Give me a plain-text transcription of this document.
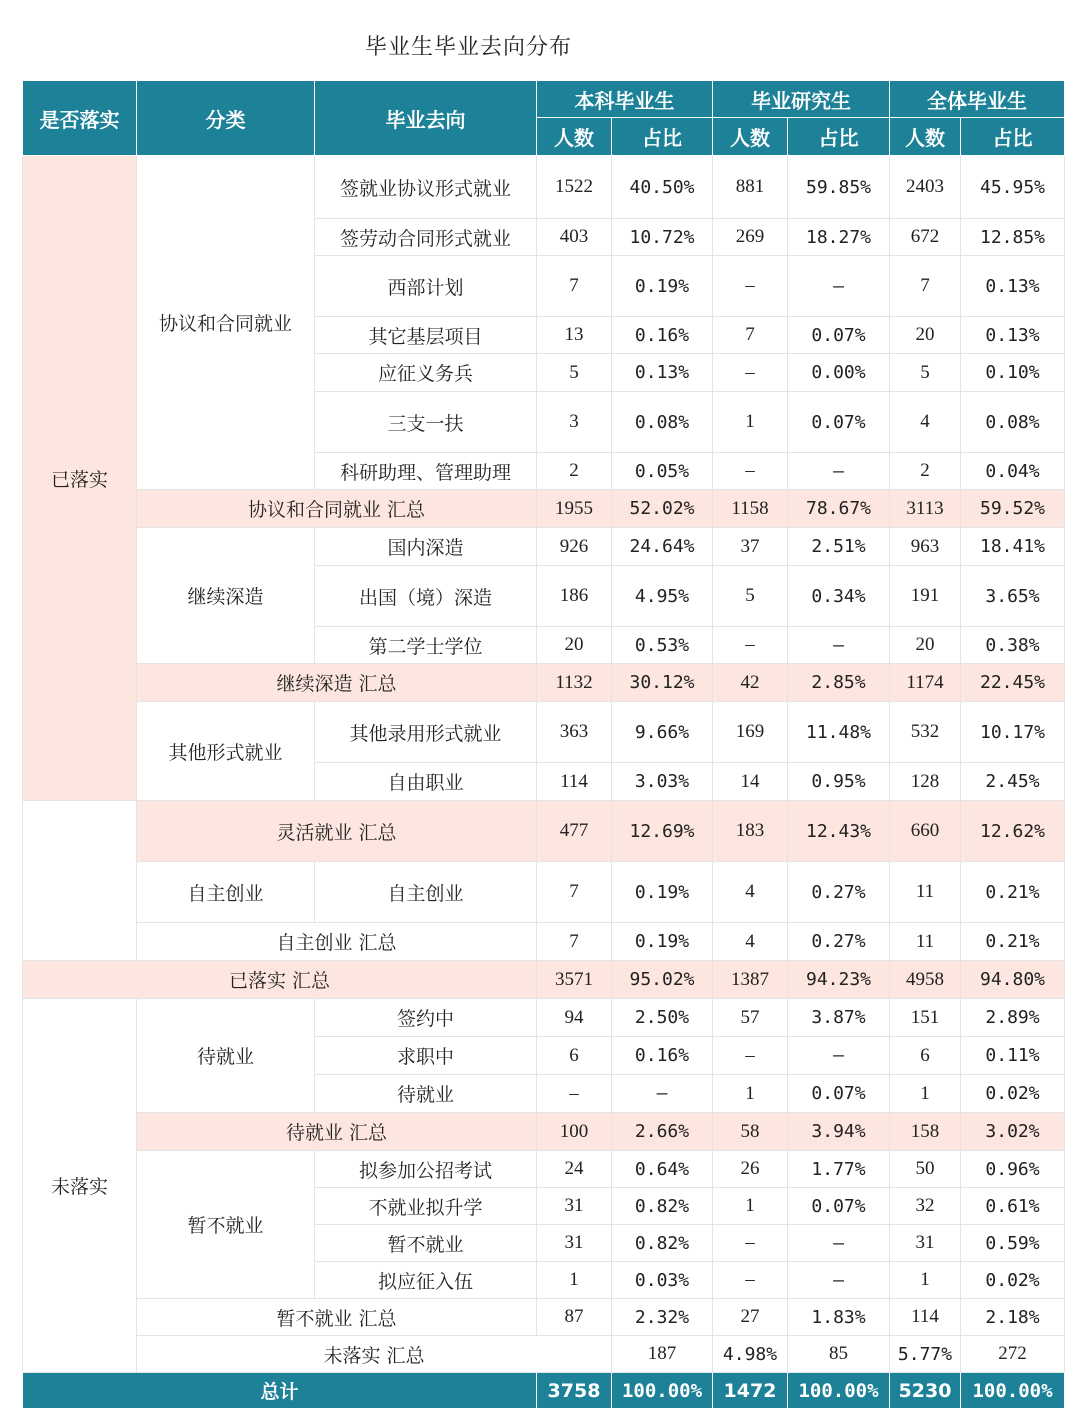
毕业生毕业去向分布
是否落实	分类	毕业去向	本科毕业生		毕业研究生		全体毕业生		
			人数	占比	人数	占比	人数	占比	
已落实	协议和合同就业	签就业协议形式就业	1522	40.50%	881	59.85%	2403	45.95%	
		签劳动合同形式就业	403	10.72%	269	18.27%	672	12.85%	
		西部计划	7	0.19%	–	–	7	0.13%	
		其它基层项目	13	0.16%	7	0.07%	20	0.13%	
		应征义务兵	5	0.13%	–	0.00%	5	0.10%	
		三支一扶	3	0.08%	1	0.07%	4	0.08%	
		科研助理、管理助理	2	0.05%	–	–	2	0.04%	
	协议和合同就业 汇总		1955	52.02%	1158	78.67%	3113	59.52%	
	继续深造	国内深造	926	24.64%	37	2.51%	963	18.41%	
		出国（境）深造	186	4.95%	5	0.34%	191	3.65%	
		第二学士学位	20	0.53%	–	–	20	0.38%	
	继续深造 汇总		1132	30.12%	42	2.85%	1174	22.45%	
	其他形式就业	其他录用形式就业	363	9.66%	169	11.48%	532	10.17%	
		自由职业	114	3.03%	14	0.95%	128	2.45%	
	灵活就业 汇总		477	12.69%	183	12.43%	660	12.62%	
	自主创业	自主创业	7	0.19%	4	0.27%	11	0.21%	
	自主创业 汇总		7	0.19%	4	0.27%	11	0.21%	
已落实 汇总			3571	95.02%	1387	94.23%	4958	94.80%	
未落实	待就业	签约中	94	2.50%	57	3.87%	151	2.89%	
		求职中	6	0.16%	–	–	6	0.11%	
		待就业	–	–	1	0.07%	1	0.02%	
	待就业 汇总		100	2.66%	58	3.94%	158	3.02%	
	暂不就业	拟参加公招考试	24	0.64%	26	1.77%	50	0.96%	
		不就业拟升学	31	0.82%	1	0.07%	32	0.61%	
		暂不就业	31	0.82%	–	–	31	0.59%	
		拟应征入伍	1	0.03%	–	–	1	0.02%	
	暂不就业 汇总		87	2.32%	27	1.83%	114	2.18%	
	未落实 汇总			187	4.98%	85	5.77%	272	
总计			3758	100.00%	1472	100.00%	5230	100.00%	
